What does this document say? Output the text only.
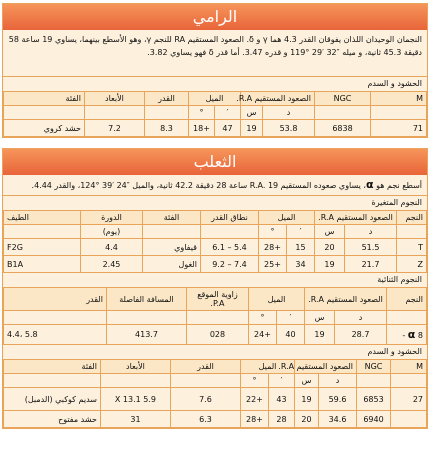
الرامي
النجمان الوحيدان اللذان يفوقان القدر 4.3 هما γ و δ. الصعود المستقيم RA للنجم γ، وهو الأسطع بينهما، يساوي 19 ساعة 58 دقيقة 45.3 ثانية، و ميله ″32 ′29 °119 و قدره 3.47. أما قدر δ فهو يساوي 3.82.
الحشود و السدم
M	NGC	الصعود المستقيم R.A.		الميل		القدر	الأبعاد	الفئة
		د	س	′	°			
71	6838	53.8	19	47	+18	8.3	7.2	حشد كروي
الثعلب
أسطع نجم هو α، يساوي صعوده المستقيم R.A. 19 ساعة 28 دقيقة 42.2 ثانية، والميل ″24 ′39 °124، والقدر 4.44.
النجوم المتغيرة
النجم	الصعود المستقيم R.A.		الميل		نطاق القدر	الفئة	الدورة	الطيف
	د	س	′	°			(يوم)	
T	51.5	20	15	+28	5.4 – 6.1	قيفاوي	4.4	F2G
Z	21.7	19	34	+25	7.4 – 9.2	الغول	2.45	B1A
النجوم الثنائية
النجم	الصعود المستقيم R.A.		الميل		زاوية الموقع P.A.	المسافة الفاصلة	القدر
	د	س	′	°			
α 8 -	28.7	19	40	+24	028	413.7	5.8 ،4.4
الحشود و السدم
M	NGC	الصعود المستقيم R.A.		الميل		القدر	الأبعاد	الفئة
		د	س	′	°			
27	6853	59.6	19	43	+22	7.6	X 13.1 5.9	سديم كوكبي (الدمبل)
	6940	34.6	20	28	+28	6.3	31	حشد مفتوح
